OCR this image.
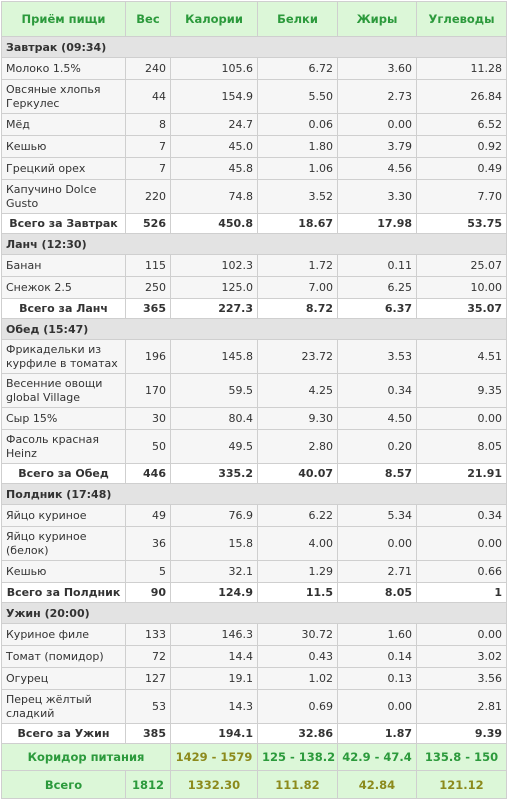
Приём пищи	Вес	Калории	Белки	Жиры	Углеводы
Завтрак (09:34)					
Молоко 1.5%	240	105.6	6.72	3.60	11.28
Овсяные хлопья Геркулес	44	154.9	5.50	2.73	26.84
Мёд	8	24.7	0.06	0.00	6.52
Кешью	7	45.0	1.80	3.79	0.92
Грецкий орех	7	45.8	1.06	4.56	0.49
Капучино Dolce Gusto	220	74.8	3.52	3.30	7.70
Всего за Завтрак	526	450.8	18.67	17.98	53.75
Ланч (12:30)					
Банан	115	102.3	1.72	0.11	25.07
Снежок 2.5	250	125.0	7.00	6.25	10.00
Всего за Ланч	365	227.3	8.72	6.37	35.07
Обед (15:47)					
Фрикадельки из курфиле в томатах	196	145.8	23.72	3.53	4.51
Весенние овощи global Village	170	59.5	4.25	0.34	9.35
Сыр 15%	30	80.4	9.30	4.50	0.00
Фасоль красная Heinz	50	49.5	2.80	0.20	8.05
Всего за Обед	446	335.2	40.07	8.57	21.91
Полдник (17:48)					
Яйцо куриное	49	76.9	6.22	5.34	0.34
Яйцо куриное (белок)	36	15.8	4.00	0.00	0.00
Кешью	5	32.1	1.29	2.71	0.66
Всего за Полдник	90	124.9	11.5	8.05	1
Ужин (20:00)					
Куриное филе	133	146.3	30.72	1.60	0.00
Томат (помидор)	72	14.4	0.43	0.14	3.02
Огурец	127	19.1	1.02	0.13	3.56
Перец жёлтый сладкий	53	14.3	0.69	0.00	2.81
Всего за Ужин	385	194.1	32.86	1.87	9.39
Коридор питания		1429 - 1579	125 - 138.2	42.9 - 47.4	135.8 - 150
Всего	1812	1332.30	111.82	42.84	121.12
